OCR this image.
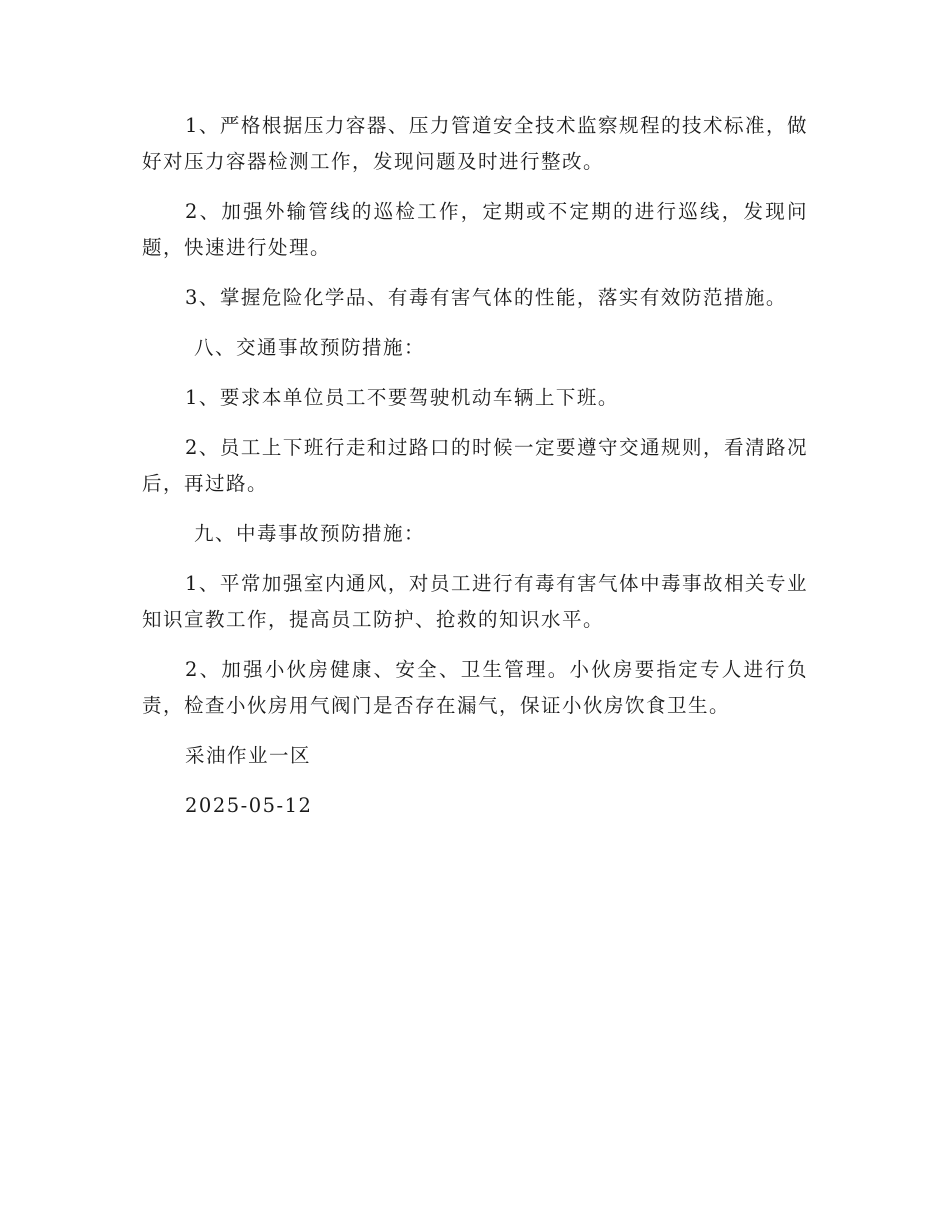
1、严格根据压力容器、压力管道安全技术监察规程的技术标准，做好对压力容器检测工作，发现问题及时进行整改。

2、加强外输管线的巡检工作，定期或不定期的进行巡线，发现问题，快速进行处理。

3、掌握危险化学品、有毒有害气体的性能，落实有效防范措施。

八、交通事故预防措施：

1、要求本单位员工不要驾驶机动车辆上下班。

2、员工上下班行走和过路口的时候一定要遵守交通规则，看清路况后，再过路。

九、中毒事故预防措施：

1、平常加强室内通风，对员工进行有毒有害气体中毒事故相关专业知识宣教工作，提高员工防护、抢救的知识水平。

2、加强小伙房健康、安全、卫生管理。小伙房要指定专人进行负责，检查小伙房用气阀门是否存在漏气，保证小伙房饮食卫生。

采油作业一区

2025-05-12
